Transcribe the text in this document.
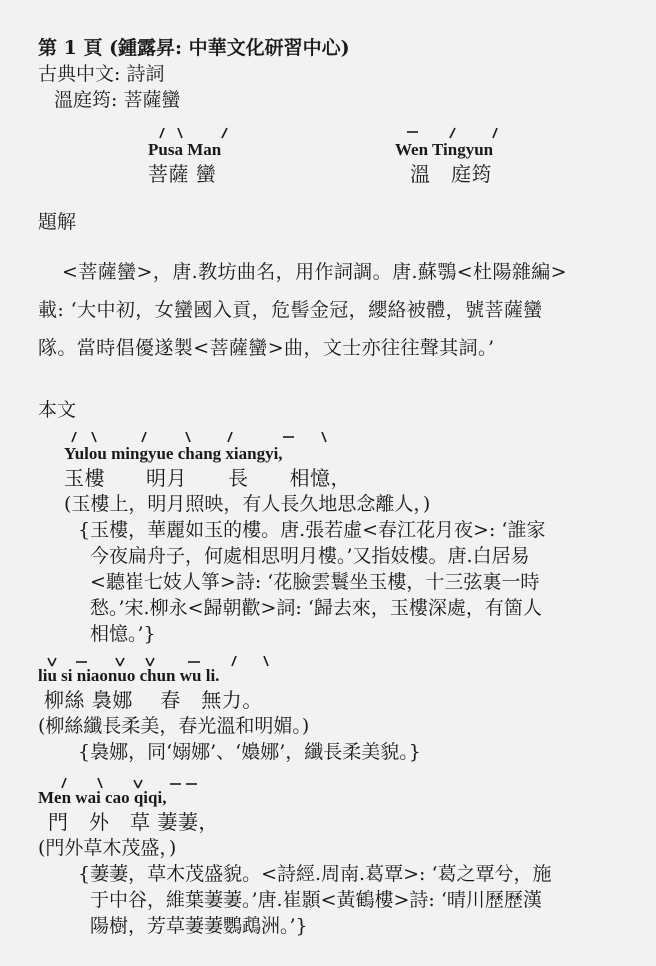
第 1 頁 (鍾露昇: 中華文化研習中心)
古典中文: 詩詞
溫庭筠: 菩薩蠻
Pusa Man
菩薩 蠻
Wen Tingyun
溫　庭筠
題解
<菩薩蠻>，唐.教坊曲名，用作詞調。唐.蘇鶚<杜陽雜編>
載: ‘大中初，女蠻國入貢，危髻金冠，纓絡被體，號菩薩蠻
隊。當時倡優遂製<菩薩蠻>曲，文士亦往往聲其詞。’
本文
Yulou mingyue chang xiangyi,
玉樓　　明月　　長　　相憶，
(玉樓上，明月照映，有人長久地思念離人，)
{玉樓，華麗如玉的樓。唐.張若虛<春江花月夜>: ‘誰家
今夜扁舟子，何處相思明月樓。’又指妓樓。唐.白居易
<聽崔七妓人箏>詩: ‘花臉雲鬟坐玉樓，十三弦裏一時
愁。’宋.柳永<歸朝歡>詞: ‘歸去來，玉樓深處，有箇人
相憶。’}
liu si niaonuo chun wu li.
柳絲 裊娜　 春　無力。
(柳絲纖長柔美，春光溫和明媚。)
{裊娜，同‘嫋娜’、‘嬝娜’，纖長柔美貌。}
Men wai cao qiqi,
門　外　草 萋萋，
(門外草木茂盛，)
{萋萋，草木茂盛貌。<詩經.周南.葛覃>: ‘葛之覃兮，施
于中谷，維葉萋萋。’唐.崔顥<黃鶴樓>詩: ‘晴川歷歷漢
陽樹，芳草萋萋鸚鵡洲。’}
